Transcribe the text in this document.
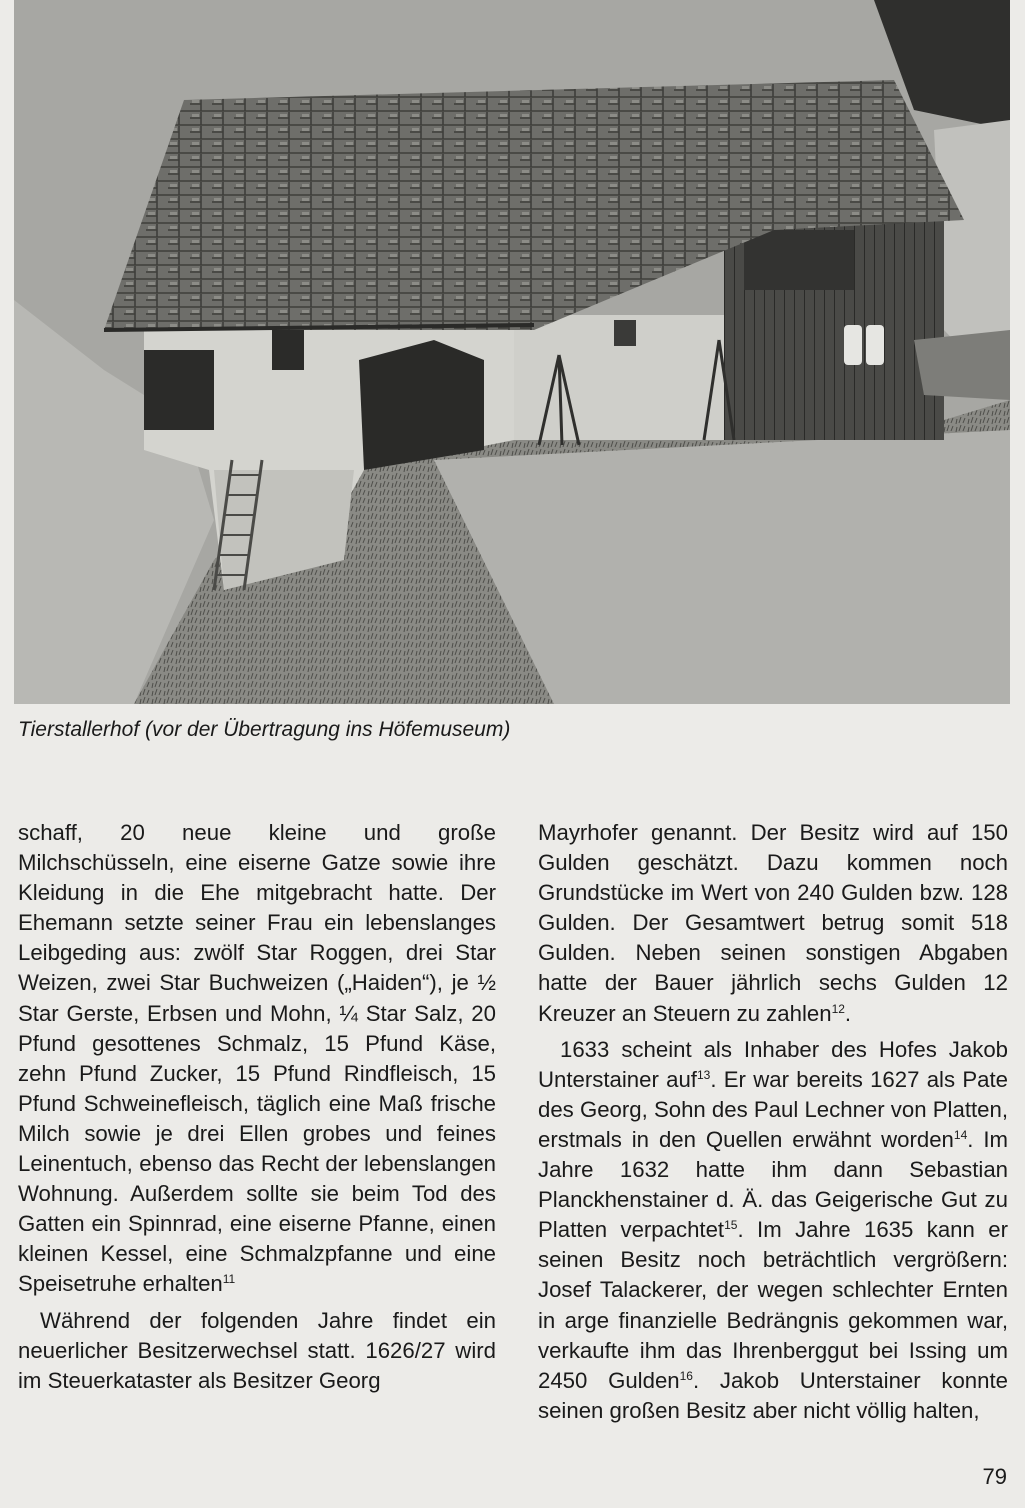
Tierstallerhof (vor der Übertragung ins Höfemuseum)

schaff, 20 neue kleine und große Milchschüsseln, eine eiserne Gatze sowie ihre Kleidung in die Ehe mitgebracht hatte. Der Ehemann setzte seiner Frau ein lebenslanges Leibgeding aus: zwölf Star Roggen, drei Star Weizen, zwei Star Buchweizen („Haiden“), je ½ Star Gerste, Erbsen und Mohn, ¼ Star Salz, 20 Pfund gesottenes Schmalz, 15 Pfund Käse, zehn Pfund Zucker, 15 Pfund Rindfleisch, 15 Pfund Schweinefleisch, täglich eine Maß frische Milch sowie je drei Ellen grobes und feines Leinentuch, ebenso das Recht der lebenslangen Wohnung. Außerdem sollte sie beim Tod des Gatten ein Spinnrad, eine eiserne Pfanne, einen kleinen Kessel, eine Schmalzpfanne und eine Speisetruhe erhalten$^{11}$

Während der folgenden Jahre findet ein neuerlicher Besitzerwechsel statt. 1626/27 wird im Steuerkataster als Besitzer Georg

Mayrhofer genannt. Der Besitz wird auf 150 Gulden geschätzt. Dazu kommen noch Grundstücke im Wert von 240 Gulden bzw. 128 Gulden. Der Gesamtwert betrug somit 518 Gulden. Neben seinen sonstigen Abgaben hatte der Bauer jährlich sechs Gulden 12 Kreuzer an Steuern zu zahlen$^{12}$.

1633 scheint als Inhaber des Hofes Jakob Unterstainer auf$^{13}$. Er war bereits 1627 als Pate des Georg, Sohn des Paul Lechner von Platten, erstmals in den Quellen erwähnt worden$^{14}$. Im Jahre 1632 hatte ihm dann Sebastian Planckhenstainer d. Ä. das Geigerische Gut zu Platten verpachtet$^{15}$. Im Jahre 1635 kann er seinen Besitz noch beträchtlich vergrößern: Josef Talackerer, der wegen schlechter Ernten in arge finanzielle Bedrängnis gekommen war, verkaufte ihm das Ihrenberggut bei Issing um 2450 Gulden$^{16}$. Jakob Unterstainer konnte seinen großen Besitz aber nicht völlig halten,

79
